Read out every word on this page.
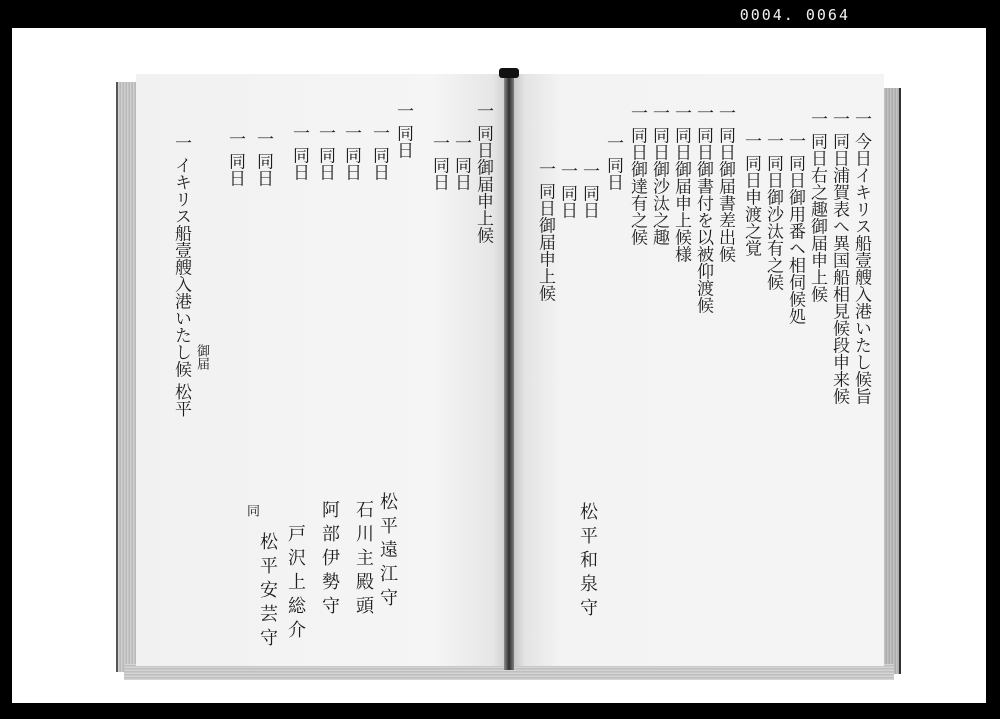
0004. 0064
一 同日御届申上候
一 同日
一 同日
一 同日
一 同日
一 同日
一 同日
一 同日
一 同日
一 同日
一 イキリス船壹艘入港いたし候 松平
松平遠江守
石川主殿頭
阿部伊勢守
戸沢上総介
松平安芸守
同
御届	一 今日イキリス船壹艘入港いたし候旨
一 同日浦賀表へ異国船相見候段申来候
一 同日右之趣御届申上候
一 同日御用番ヘ相伺候処
一 同日御沙汰有之候
一 同日申渡之覚
一 同日御届書差出候
一 同日御書付を以被仰渡候
一 同日御届申上候様
一 同日御沙汰之趣
一 同日御達有之候
一 同日
一 同日
一 同日
一 同日御届申上候
松平和泉守
